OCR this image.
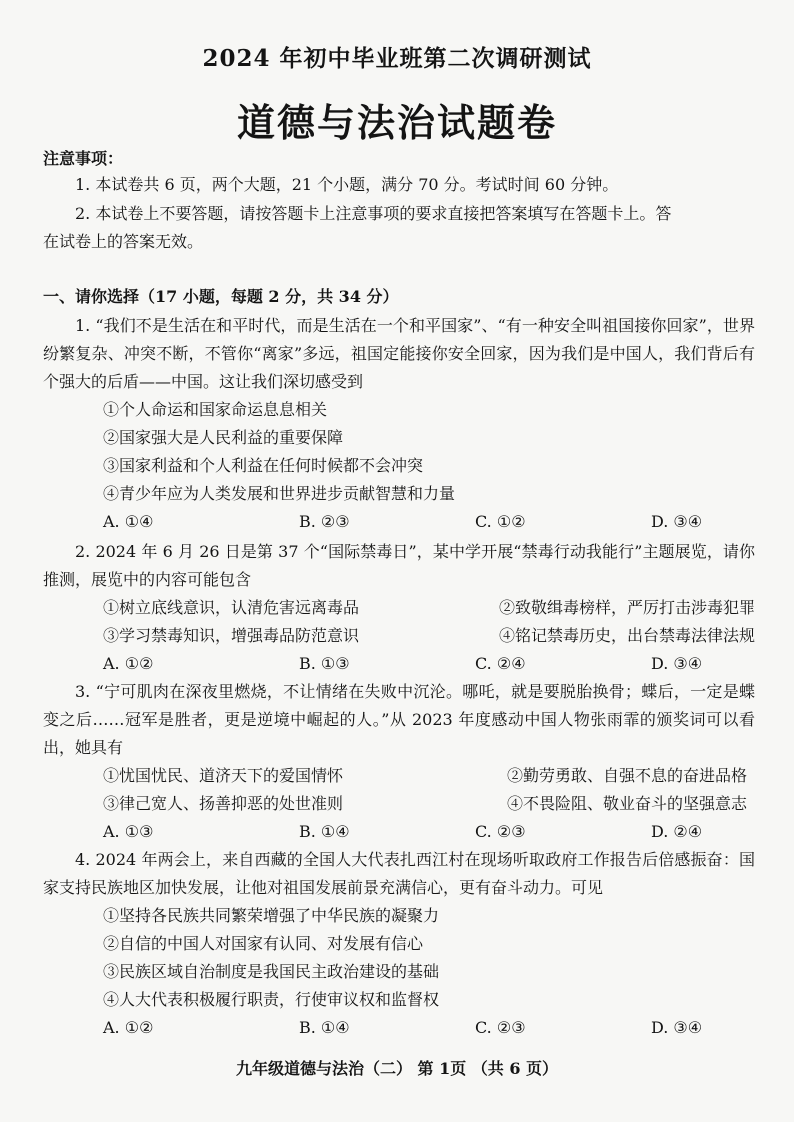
2024 年初中毕业班第二次调研测试
道德与法治试题卷
注意事项：
1. 本试卷共 6 页，两个大题，21 个小题，满分 70 分。考试时间 60 分钟。
2. 本试卷上不要答题，请按答题卡上注意事项的要求直接把答案填写在答题卡上。答
在试卷上的答案无效。
一、请你选择（17 小题，每题 2 分，共 34 分）
1. “我们不是生活在和平时代，而是生活在一个和平国家”、“有一种安全叫祖国接你回家”，世界纷繁复杂、冲突不断，不管你“离家”多远，祖国定能接你安全回家，因为我们是中国人，我们背后有个强大的后盾——中国。这让我们深切感受到
①个人命运和国家命运息息相关
②国家强大是人民利益的重要保障
③国家利益和个人利益在任何时候都不会冲突
④青少年应为人类发展和世界进步贡献智慧和力量
A. ①④	B. ②③	C. ①②	D. ③④
2. 2024 年 6 月 26 日是第 37 个“国际禁毒日”，某中学开展“禁毒行动我能行”主题展览，请你推测，展览中的内容可能包含
①树立底线意识，认清危害远离毒品	②致敬缉毒榜样，严厉打击涉毒犯罪
③学习禁毒知识，增强毒品防范意识	④铭记禁毒历史，出台禁毒法律法规
A. ①②	B. ①③	C. ②④	D. ③④
3. “宁可肌肉在深夜里燃烧，不让情绪在失败中沉沦。哪吒，就是要脱胎换骨；蝶后，一定是蝶变之后……冠军是胜者，更是逆境中崛起的人。”从 2023 年度感动中国人物张雨霏的颁奖词可以看出，她具有
①忧国忧民、道济天下的爱国情怀	②勤劳勇敢、自强不息的奋进品格
③律己宽人、扬善抑恶的处世准则	④不畏险阻、敬业奋斗的坚强意志
A. ①③	B. ①④	C. ②③	D. ②④
4. 2024 年两会上，来自西藏的全国人大代表扎西江村在现场听取政府工作报告后倍感振奋：国家支持民族地区加快发展，让他对祖国发展前景充满信心，更有奋斗动力。可见
①坚持各民族共同繁荣增强了中华民族的凝聚力
②自信的中国人对国家有认同、对发展有信心
③民族区域自治制度是我国民主政治建设的基础
④人大代表积极履行职责，行使审议权和监督权
A. ①②	B. ①④	C. ②③	D. ③④
九年级道德与法治（二） 第 1页 （共 6 页）
